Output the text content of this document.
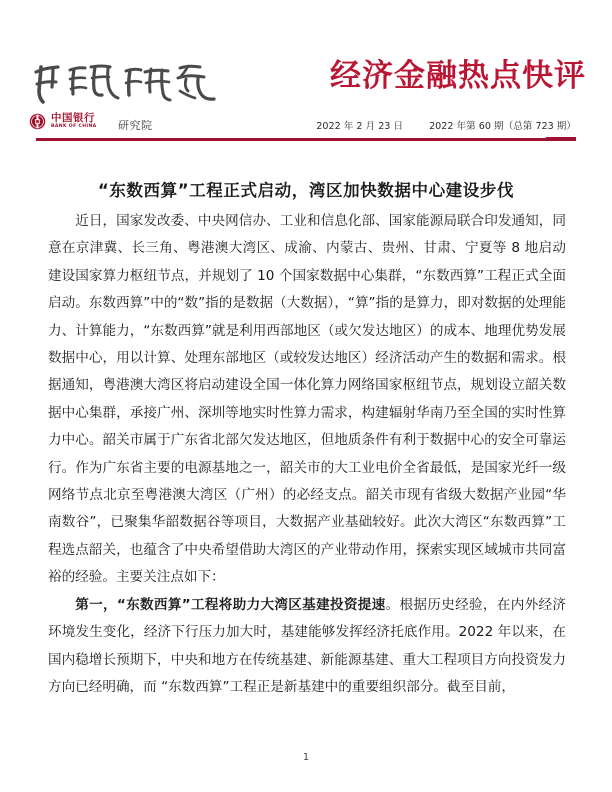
经济金融热点快评
中国银行
BANK OF CHINA 研究院	2022 年 2 月 23 日	2022 年第 60 期（总第 723 期）
“东数西算”工程正式启动，湾区加快数据中心建设步伐

近日，国家发改委、中央网信办、工业和信息化部、国家能源局联合印发通知，同意在京津冀、长三角、粤港澳大湾区、成渝、内蒙古、贵州、甘肃、宁夏等 8 地启动建设国家算力枢纽节点，并规划了 10 个国家数据中心集群，“东数西算”工程正式全面启动。东数西算”中的“数”指的是数据（大数据），“算”指的是算力，即对数据的处理能力、计算能力，“东数西算”就是利用西部地区（或欠发达地区）的成本、地理优势发展数据中心，用以计算、处理东部地区（或较发达地区）经济活动产生的数据和需求。根据通知，粤港澳大湾区将启动建设全国一体化算力网络国家枢纽节点，规划设立韶关数据中心集群，承接广州、深圳等地实时性算力需求，构建辐射华南乃至全国的实时性算力中心。韶关市属于广东省北部欠发达地区，但地质条件有利于数据中心的安全可靠运行。作为广东省主要的电源基地之一，韶关市的大工业电价全省最低，是国家光纤一级网络节点北京至粤港澳大湾区（广州）的必经支点。韶关市现有省级大数据产业园“华南数谷”，已聚集华韶数据谷等项目，大数据产业基础较好。此次大湾区“东数西算”工程选点韶关，也蕴含了中央希望借助大湾区的产业带动作用，探索实现区域城市共同富裕的经验。主要关注点如下：

第一，“东数西算”工程将助力大湾区基建投资提速。根据历史经验，在内外经济环境发生变化，经济下行压力加大时，基建能够发挥经济托底作用。2022 年以来，在国内稳增长预期下，中央和地方在传统基建、新能源基建、重大工程项目方向投资发力方向已经明确，而 “东数西算”工程正是新基建中的重要组织部分。截至目前，

1
